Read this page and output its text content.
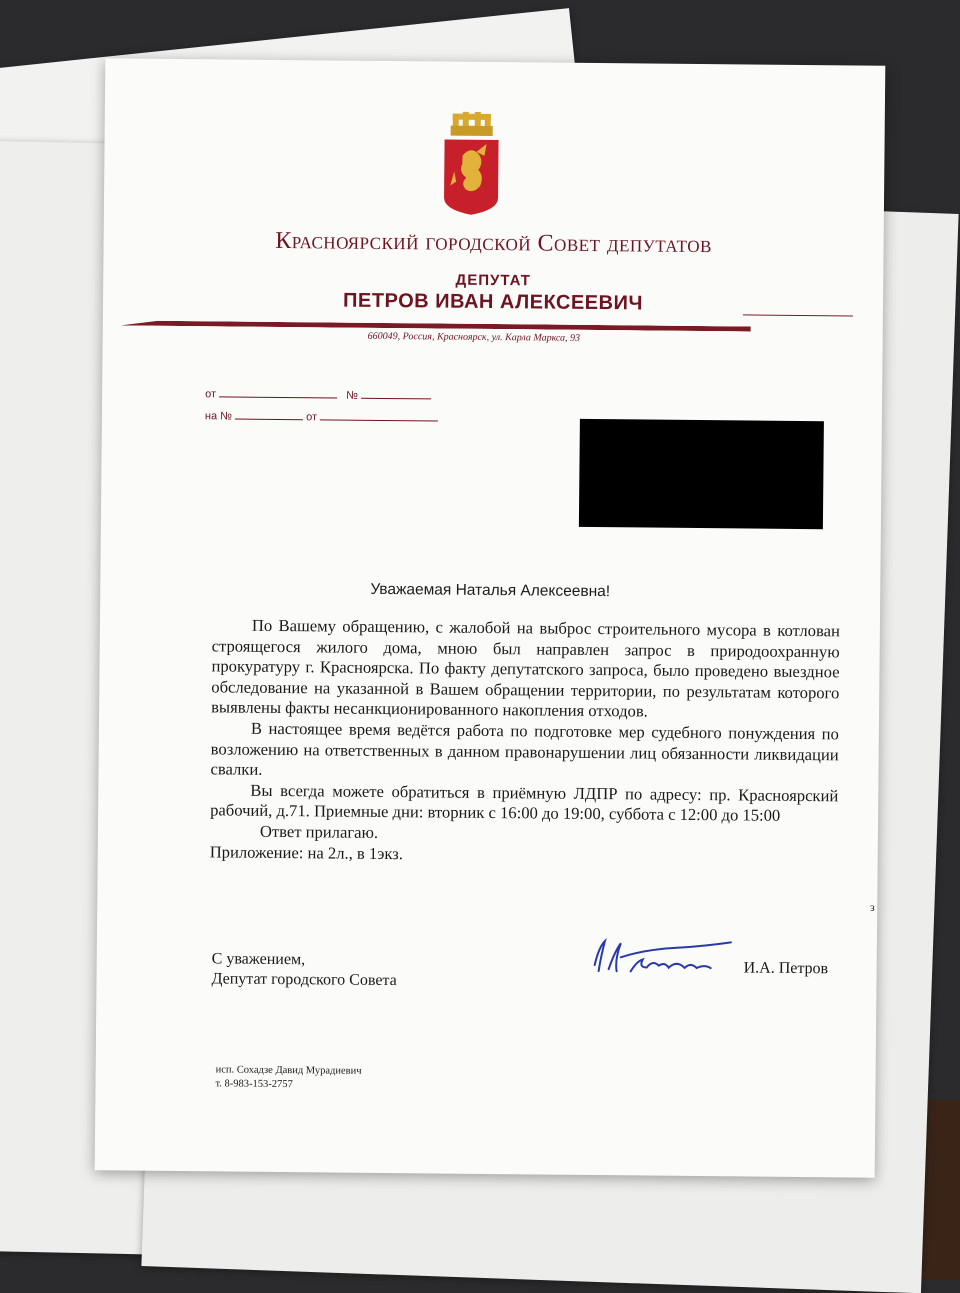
Красноярский городской Совет депутатов
ДЕПУТАТ
ПЕТРОВ ИВАН АЛЕКСЕЕВИЧ
660049, Россия, Красноярск, ул. Карла Маркса, 93
от	№
на №	от
Уважаемая Наталья Алексеевна!

По Вашему обращению, с жалобой на выброс строительного мусора в котлован строящегося жилого дома, мною был направлен запрос в природоохранную прокуратуру г. Красноярска. По факту депутатского запроса, было проведено выездное обследование на указанной в Вашем обращении территории, по результатам которого выявлены факты несанкционированного накопления отходов.

В настоящее время ведётся работа по подготовке мер судебного понуждения по возложению на ответственных в данном правонарушении лиц обязанности ликвидации свалки.

Вы всегда можете обратиться в приёмную ЛДПР по адресу: пр. Красноярский рабочий, д.71. Приемные дни: вторник с 16:00 до 19:00, суббота с 12:00 до 15:00

Ответ прилагаю.

Приложение: на 2л., в 1экз.

С уважением,
Депутат городского Совета
И.А. Петров
исп. Сохадзе Давид Мурадиевич
т. 8-983-153-2757
з
